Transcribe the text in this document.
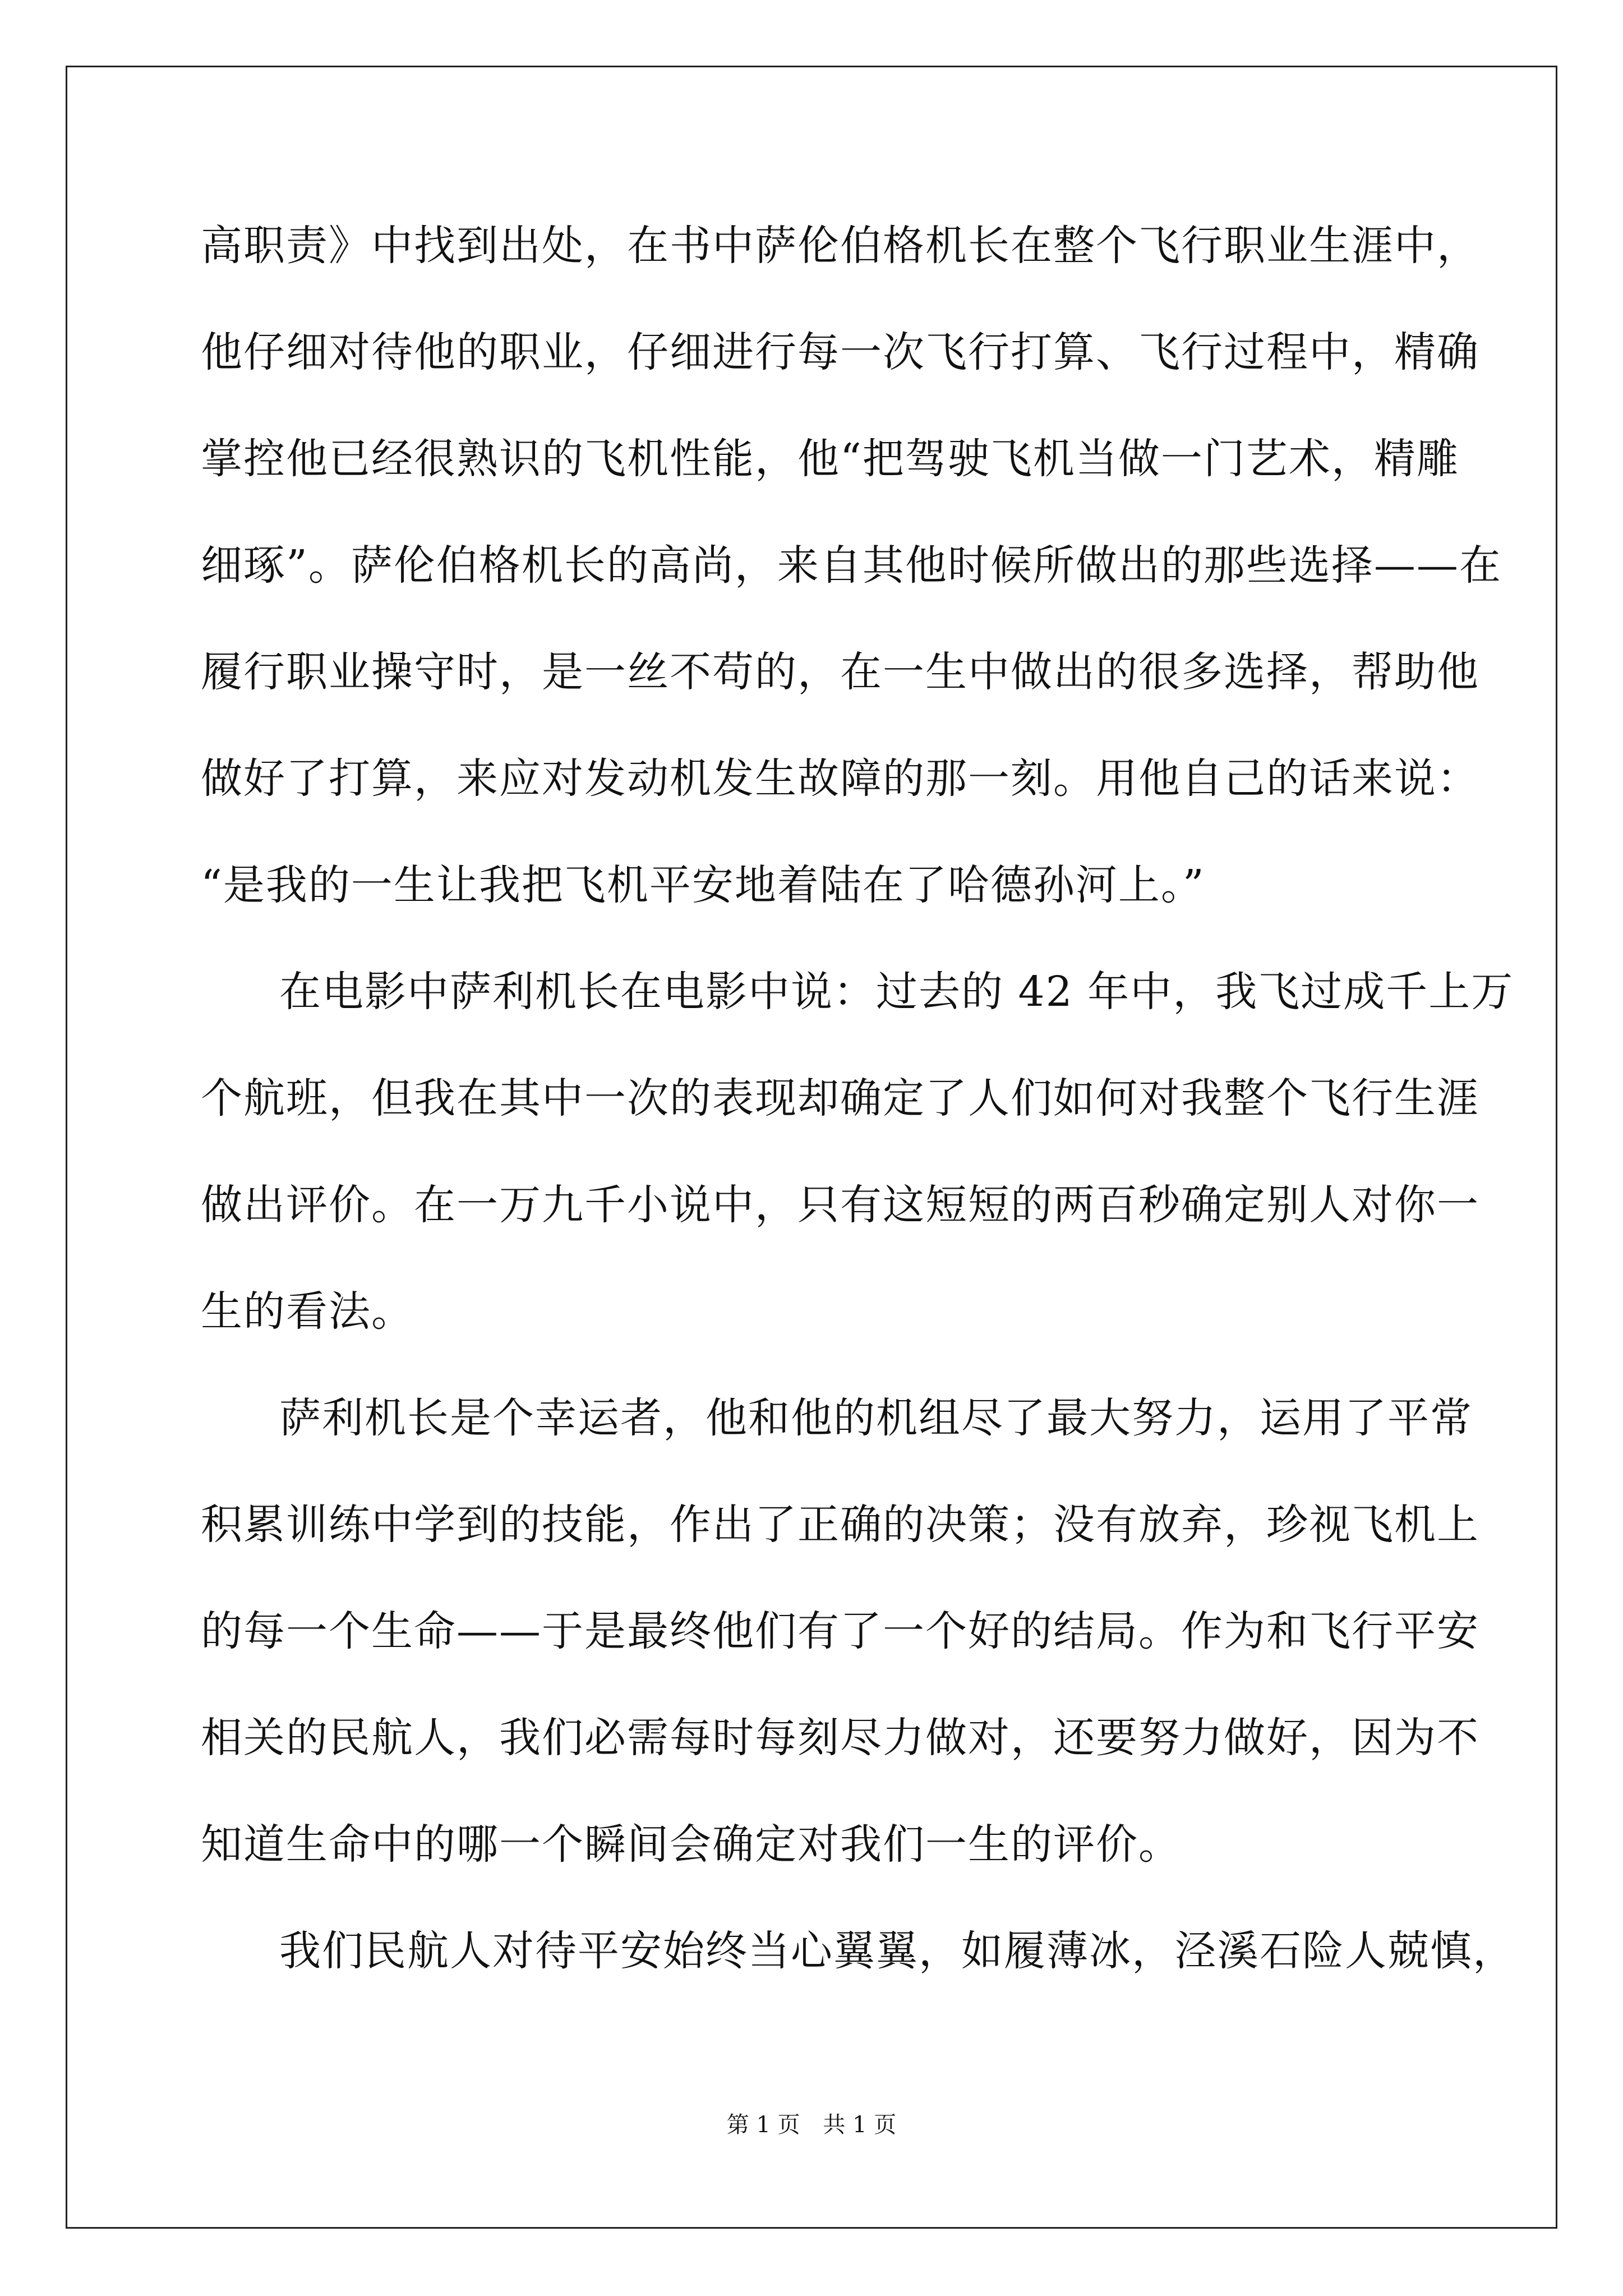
高职责》中找到出处，在书中萨伦伯格机长在整个飞行职业生涯中，
他仔细对待他的职业，仔细进行每一次飞行打算、飞行过程中，精确
掌控他已经很熟识的飞机性能，他“把驾驶飞机当做一门艺术，精雕
细琢”。萨伦伯格机长的高尚，来自其他时候所做出的那些选择——在
履行职业操守时，是一丝不苟的，在一生中做出的很多选择，帮助他
做好了打算，来应对发动机发生故障的那一刻。用他自己的话来说：
“是我的一生让我把飞机平安地着陆在了哈德孙河上。”
在电影中萨利机长在电影中说：过去的 42 年中，我飞过成千上万
个航班，但我在其中一次的表现却确定了人们如何对我整个飞行生涯
做出评价。在一万九千小说中，只有这短短的两百秒确定别人对你一
生的看法。
萨利机长是个幸运者，他和他的机组尽了最大努力，运用了平常
积累训练中学到的技能，作出了正确的决策；没有放弃，珍视飞机上
的每一个生命——于是最终他们有了一个好的结局。作为和飞行平安
相关的民航人，我们必需每时每刻尽力做对，还要努力做好，因为不
知道生命中的哪一个瞬间会确定对我们一生的评价。
我们民航人对待平安始终当心翼翼，如履薄冰，泾溪石险人兢慎，
第 1 页 共 1 页
